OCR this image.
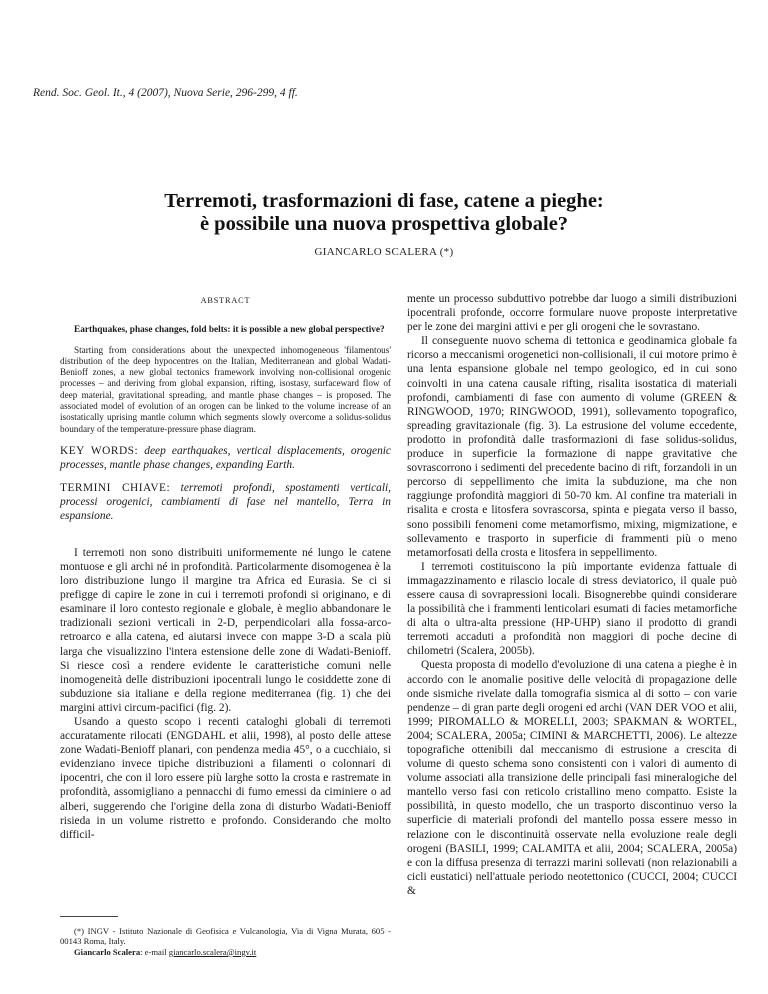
Rend. Soc. Geol. It., 4 (2007), Nuova Serie, 296-299, 4 ff.
Terremoti, trasformazioni di fase, catene a pieghe:
è possibile una nuova prospettiva globale?
GIANCARLO SCALERA (*)
ABSTRACT
Earthquakes, phase changes, fold belts: it is possible a new global perspective?
Starting from considerations about the unexpected inhomogeneous 'filamentous' distribution of the deep hypocentres on the Italian, Mediterranean and global Wadati-Benioff zones, a new global tectonics framework involving non-collisional orogenic processes – and deriving from global expansion, rifting, isostasy, surfaceward flow of deep material, gravitational spreading, and mantle phase changes – is proposed. The associated model of evolution of an orogen can be linked to the volume increase of an isostatically uprising mantle column which segments slowly overcome a solidus-solidus boundary of the temperature-pressure phase diagram.
KEY WORDS: deep earthquakes, vertical displacements, orogenic processes, mantle phase changes, expanding Earth.
TERMINI CHIAVE: terremoti profondi, spostamenti verticali, processi orogenici, cambiamenti di fase nel mantello, Terra in espansione.

I terremoti non sono distribuiti uniformemente né lungo le catene montuose e gli archi né in profondità. Particolarmente disomogenea è la loro distribuzione lungo il margine tra Africa ed Eurasia. Se ci si prefigge di capire le zone in cui i terremoti profondi si originano, e di esaminare il loro contesto regionale e globale, è meglio abbandonare le tradizionali sezioni verticali in 2-D, perpendicolari alla fossa-arco-retroarco e alla catena, ed aiutarsi invece con mappe 3-D a scala più larga che visualizzino l'intera estensione delle zone di Wadati-Benioff. Si riesce così a rendere evidente le caratteristiche comuni nelle inomogeneità delle distribuzioni ipocentrali lungo le cosiddette zone di subduzione sia italiane e della regione mediterranea (fig. 1) che dei margini attivi circum-pacifici (fig. 2).

Usando a questo scopo i recenti cataloghi globali di terremoti accuratamente rilocati (ENGDAHL et alii, 1998), al posto delle attese zone Wadati-Benioff planari, con pendenza media 45°, o a cucchiaio, si evidenziano invece tipiche distribuzioni a filamenti o colonnari di ipocentri, che con il loro essere più larghe sotto la crosta e rastremate in profondità, assomigliano a pennacchi di fumo emessi da ciminiere o ad alberi, suggerendo che l'origine della zona di disturbo Wadati-Benioff risieda in un volume ristretto e profondo. Considerando che molto difficil-

mente un processo subduttivo potrebbe dar luogo a simili distribuzioni ipocentrali profonde, occorre formulare nuove proposte interpretative per le zone dei margini attivi e per gli orogeni che le sovrastano.

Il conseguente nuovo schema di tettonica e geodinamica globale fa ricorso a meccanismi orogenetici non-collisionali, il cui motore primo è una lenta espansione globale nel tempo geologico, ed in cui sono coinvolti in una catena causale rifting, risalita isostatica di materiali profondi, cambiamenti di fase con aumento di volume (GREEN & RINGWOOD, 1970; RINGWOOD, 1991), sollevamento topografico, spreading gravitazionale (fig. 3). La estrusione del volume eccedente, prodotto in profondità dalle trasformazioni di fase solidus-solidus, produce in superficie la formazione di nappe gravitative che sovrascorrono i sedimenti del precedente bacino di rift, forzandoli in un percorso di seppellimento che imita la subduzione, ma che non raggiunge profondità maggiori di 50-70 km. Al confine tra materiali in risalita e crosta e litosfera sovrascorsa, spinta e piegata verso il basso, sono possibili fenomeni come metamorfismo, mixing, migmizatione, e sollevamento e trasporto in superficie di frammenti più o meno metamorfosati della crosta e litosfera in seppellimento.

I terremoti costituiscono la più importante evidenza fattuale di immagazzinamento e rilascio locale di stress deviatorico, il quale può essere causa di sovrapressioni locali. Bisognerebbe quindi considerare la possibilità che i frammenti lenticolari esumati di facies metamorfiche di alta o ultra-alta pressione (HP-UHP) siano il prodotto di grandi terremoti accaduti a profondità non maggiori di poche decine di chilometri (Scalera, 2005b).

Questa proposta di modello d'evoluzione di una catena a pieghe è in accordo con le anomalie positive delle velocità di propagazione delle onde sismiche rivelate dalla tomografia sismica al di sotto – con varie pendenze – di gran parte degli orogeni ed archi (VAN DER VOO et alii, 1999; PIROMALLO & MORELLI, 2003; SPAKMAN & WORTEL, 2004; SCALERA, 2005a; CIMINI & MARCHETTI, 2006). Le altezze topografiche ottenibili dal meccanismo di estrusione a crescita di volume di questo schema sono consistenti con i valori di aumento di volume associati alla transizione delle principali fasi mineralogiche del mantello verso fasi con reticolo cristallino meno compatto. Esiste la possibilità, in questo modello, che un trasporto discontinuo verso la superficie di materiali profondi del mantello possa essere messo in relazione con le discontinuità osservate nella evoluzione reale degli orogeni (BASILI, 1999; CALAMITA et alii, 2004; SCALERA, 2005a) e con la diffusa presenza di terrazzi marini sollevati (non relazionabili a cicli eustatici) nell'attuale periodo neotettonico (CUCCI, 2004; CUCCI &

(*) INGV - Istituto Nazionale di Geofisica e Vulcanologia, Via di Vigna Murata, 605 - 00143 Roma, Italy.
Giancarlo Scalera: e-mail giancarlo.scalera@ingv.it
